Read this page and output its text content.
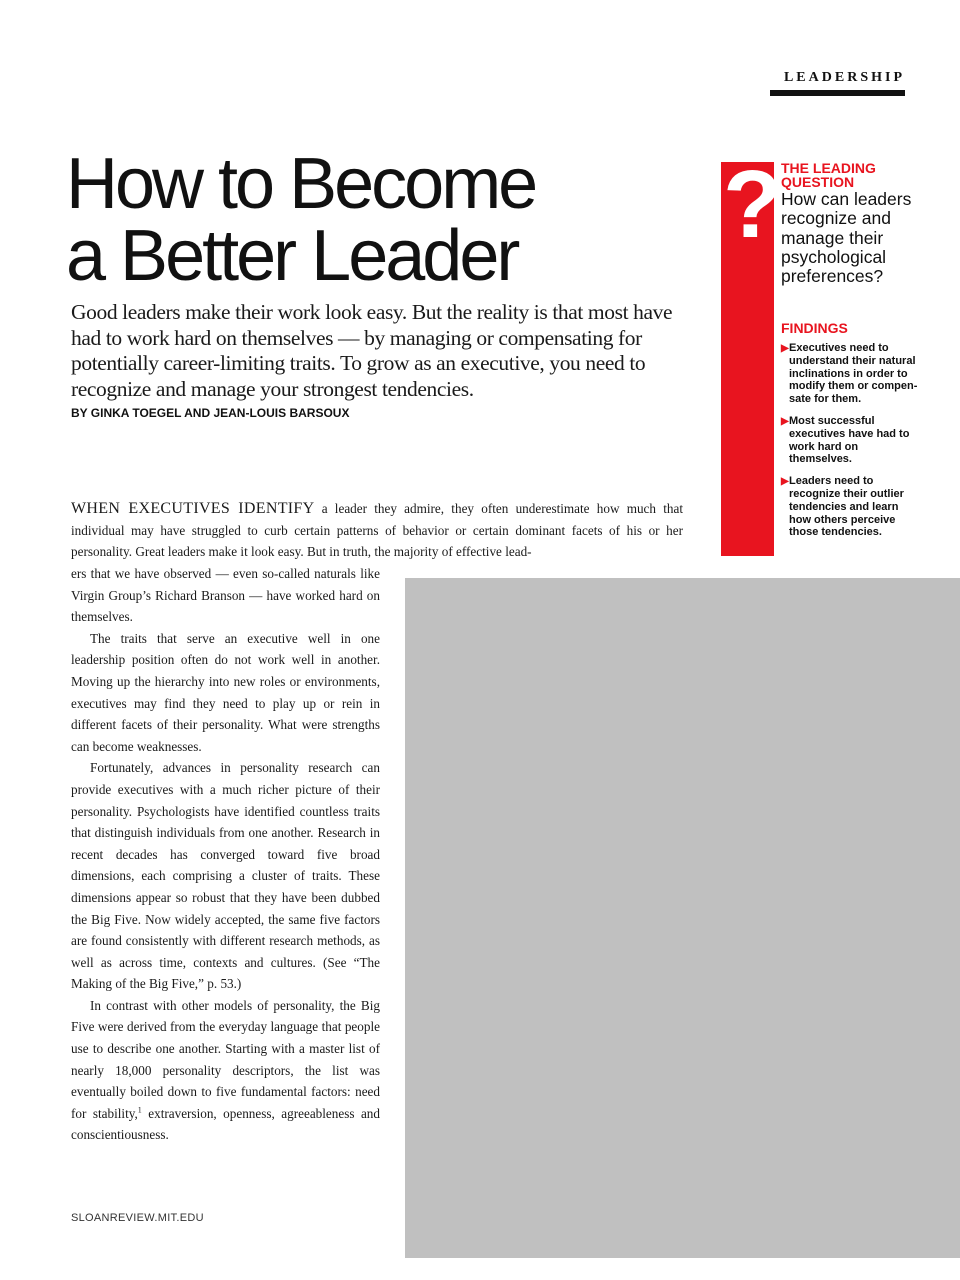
LEADERSHIP
How to Become
a Better Leader

Good leaders make their work look easy. But the reality is that most have had to work hard on themselves — by managing or compensating for potentially career-limiting traits. To grow as an executive, you need to recognize and manage your strongest tendencies.

BY GINKA TOEGEL AND JEAN-LOUIS BARSOUX

? THE LEADING QUESTION

How can leaders recognize and manage their psychological preferences?

FINDINGS
▶ Executives need to understand their natural inclinations in order to modify them or compensate for them.
▶ Most successful executives have had to work hard on themselves.
▶ Leaders need to recognize their outlier tendencies and learn how others perceive those tendencies.

WHEN EXECUTIVES IDENTIFY a leader they admire, they often underestimate how much that individual may have struggled to curb certain patterns of behavior or certain dominant facets of his or her personality. Great leaders make it look easy. But in truth, the majority of effective lead-

ers that we have observed — even so-called naturals like Virgin Group’s Richard Branson — have worked hard on themselves.

The traits that serve an executive well in one leadership position often do not work well in another. Moving up the hierarchy into new roles or environments, executives may find they need to play up or rein in different facets of their personality. What were strengths can become weaknesses.

Fortunately, advances in personality research can provide executives with a much richer picture of their personality. Psychologists have identified countless traits that distinguish individuals from one another. Research in recent decades has converged toward five broad dimensions, each comprising a cluster of traits. These dimensions appear so robust that they have been dubbed the Big Five. Now widely accepted, the same five factors are found consistently with different research methods, as well as across time, contexts and cultures. (See “The Making of the Big Five,” p. 53.)

In contrast with other models of personality, the Big Five were derived from the everyday language that people use to describe one another. Starting with a master list of nearly 18,000 personality descriptors, the list was eventually boiled down to five fundamental factors: need for stability,$^1$ extraversion, openness, agreeableness and conscientiousness.

SLOANREVIEW.MIT.EDU
